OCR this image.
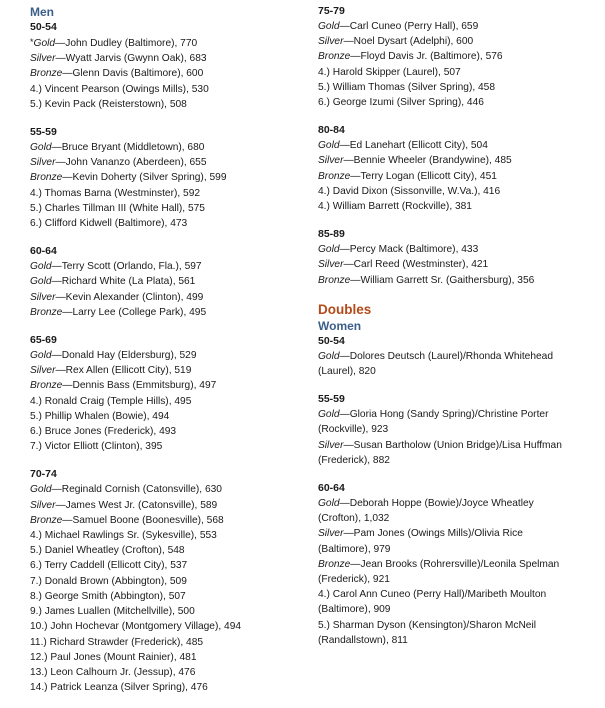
Men
50-54
*Gold—John Dudley (Baltimore), 770
Silver—Wyatt Jarvis (Gwynn Oak), 683
Bronze—Glenn Davis (Baltimore), 600
4.) Vincent Pearson (Owings Mills), 530
5.) Kevin Pack (Reisterstown), 508
55-59
Gold—Bruce Bryant (Middletown), 680
Silver—John Vananzo (Aberdeen), 655
Bronze—Kevin Doherty (Silver Spring), 599
4.) Thomas Barna (Westminster), 592
5.) Charles Tillman III (White Hall), 575
6.) Clifford Kidwell (Baltimore), 473
60-64
Gold—Terry Scott (Orlando, Fla.), 597
Gold—Richard White (La Plata), 561
Silver—Kevin Alexander (Clinton), 499
Bronze—Larry Lee (College Park), 495
65-69
Gold—Donald Hay (Eldersburg), 529
Silver—Rex Allen (Ellicott City), 519
Bronze—Dennis Bass (Emmitsburg), 497
4.) Ronald Craig (Temple Hills), 495
5.) Phillip Whalen (Bowie), 494
6.) Bruce Jones (Frederick), 493
7.) Victor Elliott (Clinton), 395
70-74
Gold—Reginald Cornish (Catonsville), 630
Silver—James West Jr. (Catonsville), 589
Bronze—Samuel Boone (Boonesville), 568
4.) Michael Rawlings Sr. (Sykesville), 553
5.) Daniel Wheatley (Crofton), 548
6.) Terry Caddell (Ellicott City), 537
7.) Donald Brown (Abbington), 509
8.) George Smith (Abbington), 507
9.) James Luallen (Mitchellville), 500
10.) John Hochevar (Montgomery Village), 494
11.) Richard Strawder (Frederick), 485
12.) Paul Jones (Mount Rainier), 481
13.) Leon Calhourn Jr. (Jessup), 476
14.) Patrick Leanza (Silver Spring), 476
75-79
Gold—Carl Cuneo (Perry Hall), 659
Silver—Noel Dysart (Adelphi), 600
Bronze—Floyd Davis Jr. (Baltimore), 576
4.) Harold Skipper (Laurel), 507
5.) William Thomas (Silver Spring), 458
6.) George Izumi (Silver Spring), 446
80-84
Gold—Ed Lanehart (Ellicott City), 504
Silver—Bennie Wheeler (Brandywine), 485
Bronze—Terry Logan (Ellicott City), 451
4.) David Dixon (Sissonville, W.Va.), 416
4.) William Barrett (Rockville), 381
85-89
Gold—Percy Mack (Baltimore), 433
Silver—Carl Reed (Westminster), 421
Bronze—William Garrett Sr. (Gaithersburg), 356
Doubles
Women
50-54
Gold—Dolores Deutsch (Laurel)/Rhonda Whitehead
(Laurel), 820
55-59
Gold—Gloria Hong (Sandy Spring)/Christine Porter
(Rockville), 923
Silver—Susan Bartholow (Union Bridge)/Lisa Huffman
(Frederick), 882
60-64
Gold—Deborah Hoppe (Bowie)/Joyce Wheatley
(Crofton), 1,032
Silver—Pam Jones (Owings Mills)/Olivia Rice
(Baltimore), 979
Bronze—Jean Brooks (Rohrersville)/Leonila Spelman
(Frederick), 921
4.) Carol Ann Cuneo (Perry Hall)/Maribeth Moulton
(Baltimore), 909
5.) Sharman Dyson (Kensington)/Sharon McNeil
(Randallstown), 811
